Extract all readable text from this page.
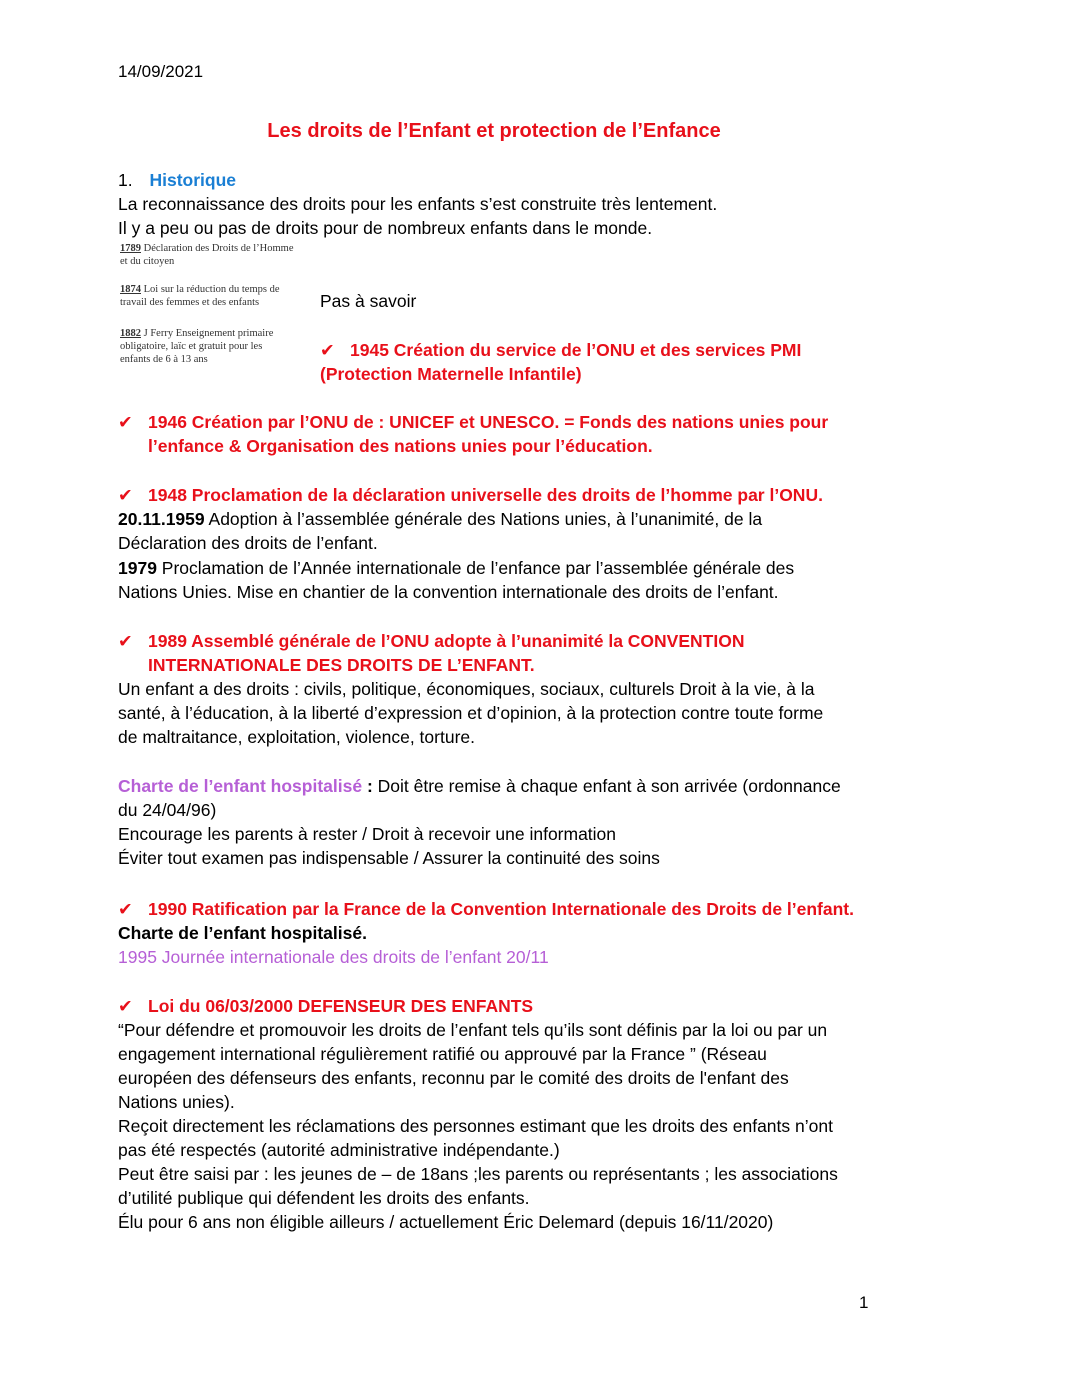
14/09/2021
Les droits de l’Enfant et protection de l’Enfance
1. Historique
La reconnaissance des droits pour les enfants s’est construite très lentement.
Il y a peu ou pas de droits pour de nombreux enfants dans le monde.
1789 Déclaration des Droits de l’Homme
et du citoyen
1874 Loi sur la réduction du temps de
travail des femmes et des enfants
1882 J Ferry Enseignement primaire
obligatoire, laïc et gratuit pour les
enfants de 6 à 13 ans
Pas à savoir
✔ 1945 Création du service de l’ONU et des services PMI
(Protection Maternelle Infantile)
✔ 1946 Création par l’ONU de : UNICEF et UNESCO. = Fonds des nations unies pour
l’enfance & Organisation des nations unies pour l’éducation.
✔ 1948 Proclamation de la déclaration universelle des droits de l’homme par l’ONU.
20.11.1959 Adoption à l’assemblée générale des Nations unies, à l’unanimité, de la
Déclaration des droits de l’enfant.
1979 Proclamation de l’Année internationale de l’enfance par l’assemblée générale des
Nations Unies. Mise en chantier de la convention internationale des droits de l’enfant.
✔ 1989 Assemblé générale de l’ONU adopte à l’unanimité la CONVENTION
INTERNATIONALE DES DROITS DE L’ENFANT.
Un enfant a des droits : civils, politique, économiques, sociaux, culturels Droit à la vie, à la
santé, à l’éducation, à la liberté d’expression et d’opinion, à la protection contre toute forme
de maltraitance, exploitation, violence, torture.
Charte de l’enfant hospitalisé : Doit être remise à chaque enfant à son arrivée (ordonnance
du 24/04/96)
Encourage les parents à rester / Droit à recevoir une information
Éviter tout examen pas indispensable / Assurer la continuité des soins
✔ 1990 Ratification par la France de la Convention Internationale des Droits de l’enfant.
Charte de l’enfant hospitalisé.
1995 Journée internationale des droits de l’enfant 20/11
✔ Loi du 06/03/2000 DEFENSEUR DES ENFANTS
“Pour défendre et promouvoir les droits de l’enfant tels qu’ils sont définis par la loi ou par un
engagement international régulièrement ratifié ou approuvé par la France ” (Réseau
européen des défenseurs des enfants, reconnu par le comité des droits de l'enfant des
Nations unies).
Reçoit directement les réclamations des personnes estimant que les droits des enfants n’ont
pas été respectés (autorité administrative indépendante.)
Peut être saisi par : les jeunes de – de 18ans ;les parents ou représentants ; les associations
d’utilité publique qui défendent les droits des enfants.
Élu pour 6 ans non éligible ailleurs / actuellement Éric Delemard (depuis 16/11/2020)
1
